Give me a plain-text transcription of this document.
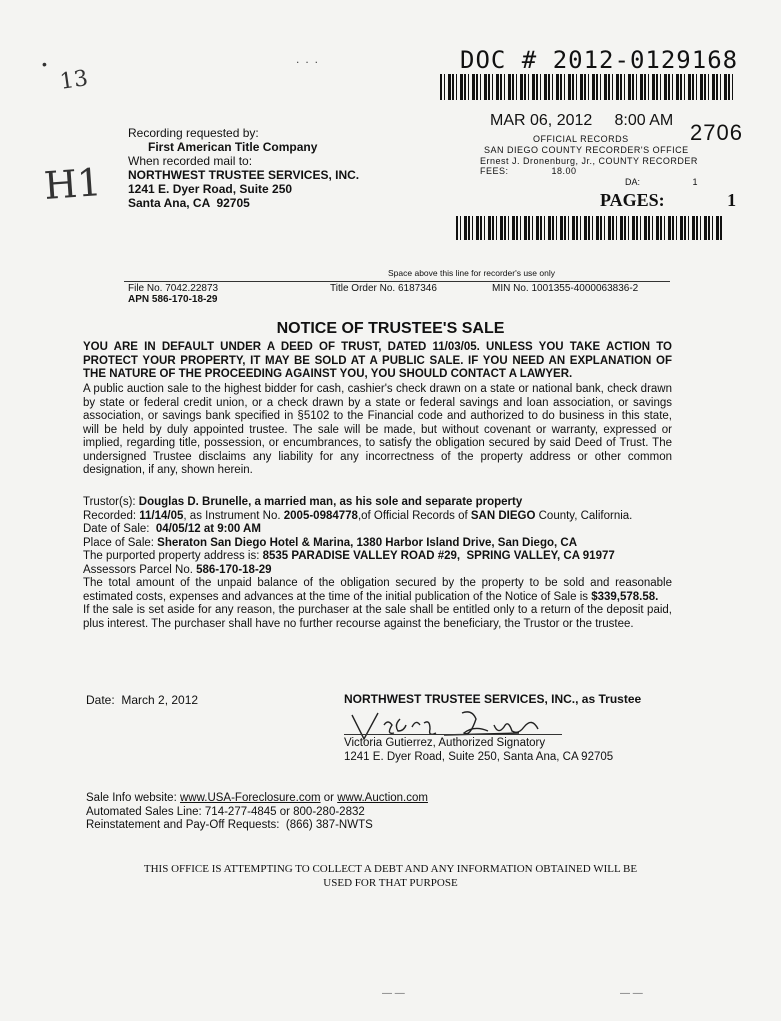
•
13
...
H1
DOC # 2012-0129168
MAR 06, 2012     8:00 AM 2706
OFFICIAL RECORDS
SAN DIEGO COUNTY RECORDER'S OFFICE
Ernest J. Dronenburg, Jr., COUNTY RECORDER
FEES:	18.00
DA:	1
PAGES:	1
Recording requested by:
First American Title Company
When recorded mail to:
NORTHWEST TRUSTEE SERVICES, INC.
1241 E. Dyer Road, Suite 250
Santa Ana, CA  92705
Space above this line for recorder's use only
File No. 7042.22873	Title Order No. 6187346	MIN No. 1001355-4000063836-2
APN 586-170-18-29
NOTICE OF TRUSTEE'S SALE
YOU ARE IN DEFAULT UNDER A DEED OF TRUST, DATED 11/03/05. UNLESS YOU TAKE ACTION TO PROTECT YOUR PROPERTY, IT MAY BE SOLD AT A PUBLIC SALE. IF YOU NEED AN EXPLANATION OF THE NATURE OF THE PROCEEDING AGAINST YOU, YOU SHOULD CONTACT A LAWYER.
A public auction sale to the highest bidder for cash, cashier's check drawn on a state or national bank, check drawn by state or federal credit union, or a check drawn by a state or federal savings and loan association, or savings association, or savings bank specified in §5102 to the Financial code and authorized to do business in this state, will be held by duly appointed trustee. The sale will be made, but without covenant or warranty, expressed or implied, regarding title, possession, or encumbrances, to satisfy the obligation secured by said Deed of Trust. The undersigned Trustee disclaims any liability for any incorrectness of the property address or other common designation, if any, shown herein.
Trustor(s): Douglas D. Brunelle, a married man, as his sole and separate property
Recorded: 11/14/05, as Instrument No. 2005-0984778,of Official Records of SAN DIEGO County, California.
Date of Sale:  04/05/12 at 9:00 AM
Place of Sale: Sheraton San Diego Hotel & Marina, 1380 Harbor Island Drive, San Diego, CA
The purported property address is: 8535 PARADISE VALLEY ROAD #29,  SPRING VALLEY, CA 91977
Assessors Parcel No. 586-170-18-29
The total amount of the unpaid balance of the obligation secured by the property to be sold and reasonable estimated costs, expenses and advances at the time of the initial publication of the Notice of Sale is $339,578.58.
If the sale is set aside for any reason, the purchaser at the sale shall be entitled only to a return of the deposit paid, plus interest. The purchaser shall have no further recourse against the beneficiary, the Trustor or the trustee.
Date:  March 2, 2012	NORTHWEST TRUSTEE SERVICES, INC., as Trustee
Victoria Gutierrez, Authorized Signatory
1241 E. Dyer Road, Suite 250, Santa Ana, CA 92705
Sale Info website: www.USA-Foreclosure.com or www.Auction.com
Automated Sales Line: 714-277-4845 or 800-280-2832
Reinstatement and Pay-Off Requests:  (866) 387-NWTS
THIS OFFICE IS ATTEMPTING TO COLLECT A DEBT AND ANY INFORMATION OBTAINED WILL BE
USED FOR THAT PURPOSE
— —	— —
